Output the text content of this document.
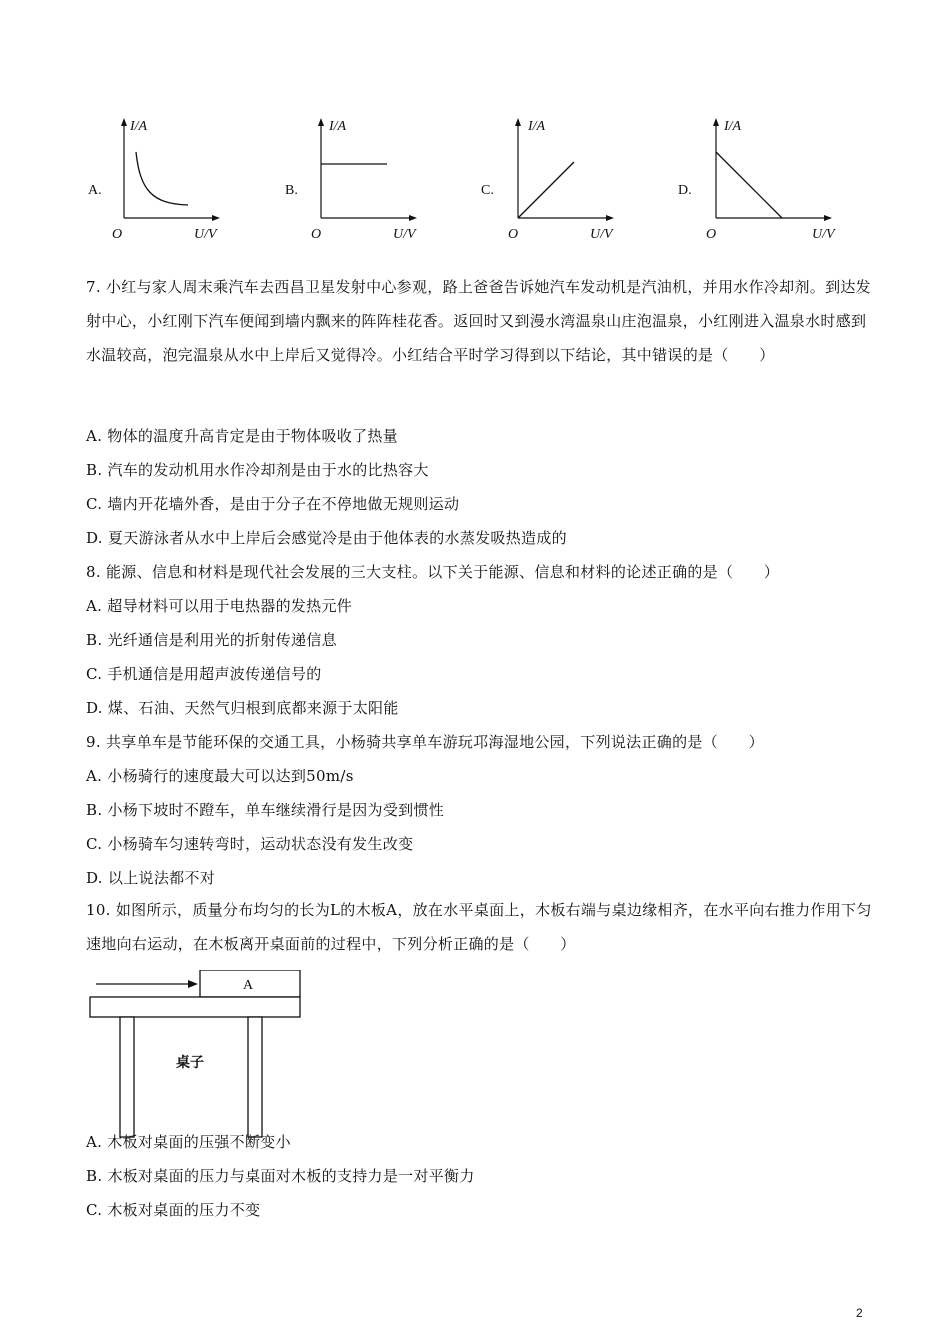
A.
I/A
O	U/V
B.
I/A
O	U/V
C.
I/A
O	U/V
D.
I/A
O	U/V
7. 小红与家人周末乘汽车去西昌卫星发射中心参观，路上爸爸告诉她汽车发动机是汽油机，并用水作冷却剂。到达发射中心，小红刚下汽车便闻到墙内飘来的阵阵桂花香。返回时又到漫水湾温泉山庄泡温泉，小红刚进入温泉水时感到水温较高，泡完温泉从水中上岸后又觉得冷。小红结合平时学习得到以下结论，其中错误的是（　　）
A. 物体的温度升高肯定是由于物体吸收了热量
B. 汽车的发动机用水作冷却剂是由于水的比热容大
C. 墙内开花墙外香，是由于分子在不停地做无规则运动
D. 夏天游泳者从水中上岸后会感觉冷是由于他体表的水蒸发吸热造成的
8. 能源、信息和材料是现代社会发展的三大支柱。以下关于能源、信息和材料的论述正确的是（　　）
A. 超导材料可以用于电热器的发热元件
B. 光纤通信是利用光的折射传递信息
C. 手机通信是用超声波传递信号的
D. 煤、石油、天然气归根到底都来源于太阳能
9. 共享单车是节能环保的交通工具，小杨骑共享单车游玩邛海湿地公园，下列说法正确的是（　　）
A. 小杨骑行的速度最大可以达到50m/s
B. 小杨下坡时不蹬车，单车继续滑行是因为受到惯性
C. 小杨骑车匀速转弯时，运动状态没有发生改变
D. 以上说法都不对
10. 如图所示，质量分布均匀的长为L的木板A，放在水平桌面上，木板右端与桌边缘相齐，在水平向右推力作用下匀速地向右运动，在木板离开桌面前的过程中，下列分析正确的是（　　）
A
桌子
A. 木板对桌面的压强不断变小
B. 木板对桌面的压力与桌面对木板的支持力是一对平衡力
C. 木板对桌面的压力不变
2
